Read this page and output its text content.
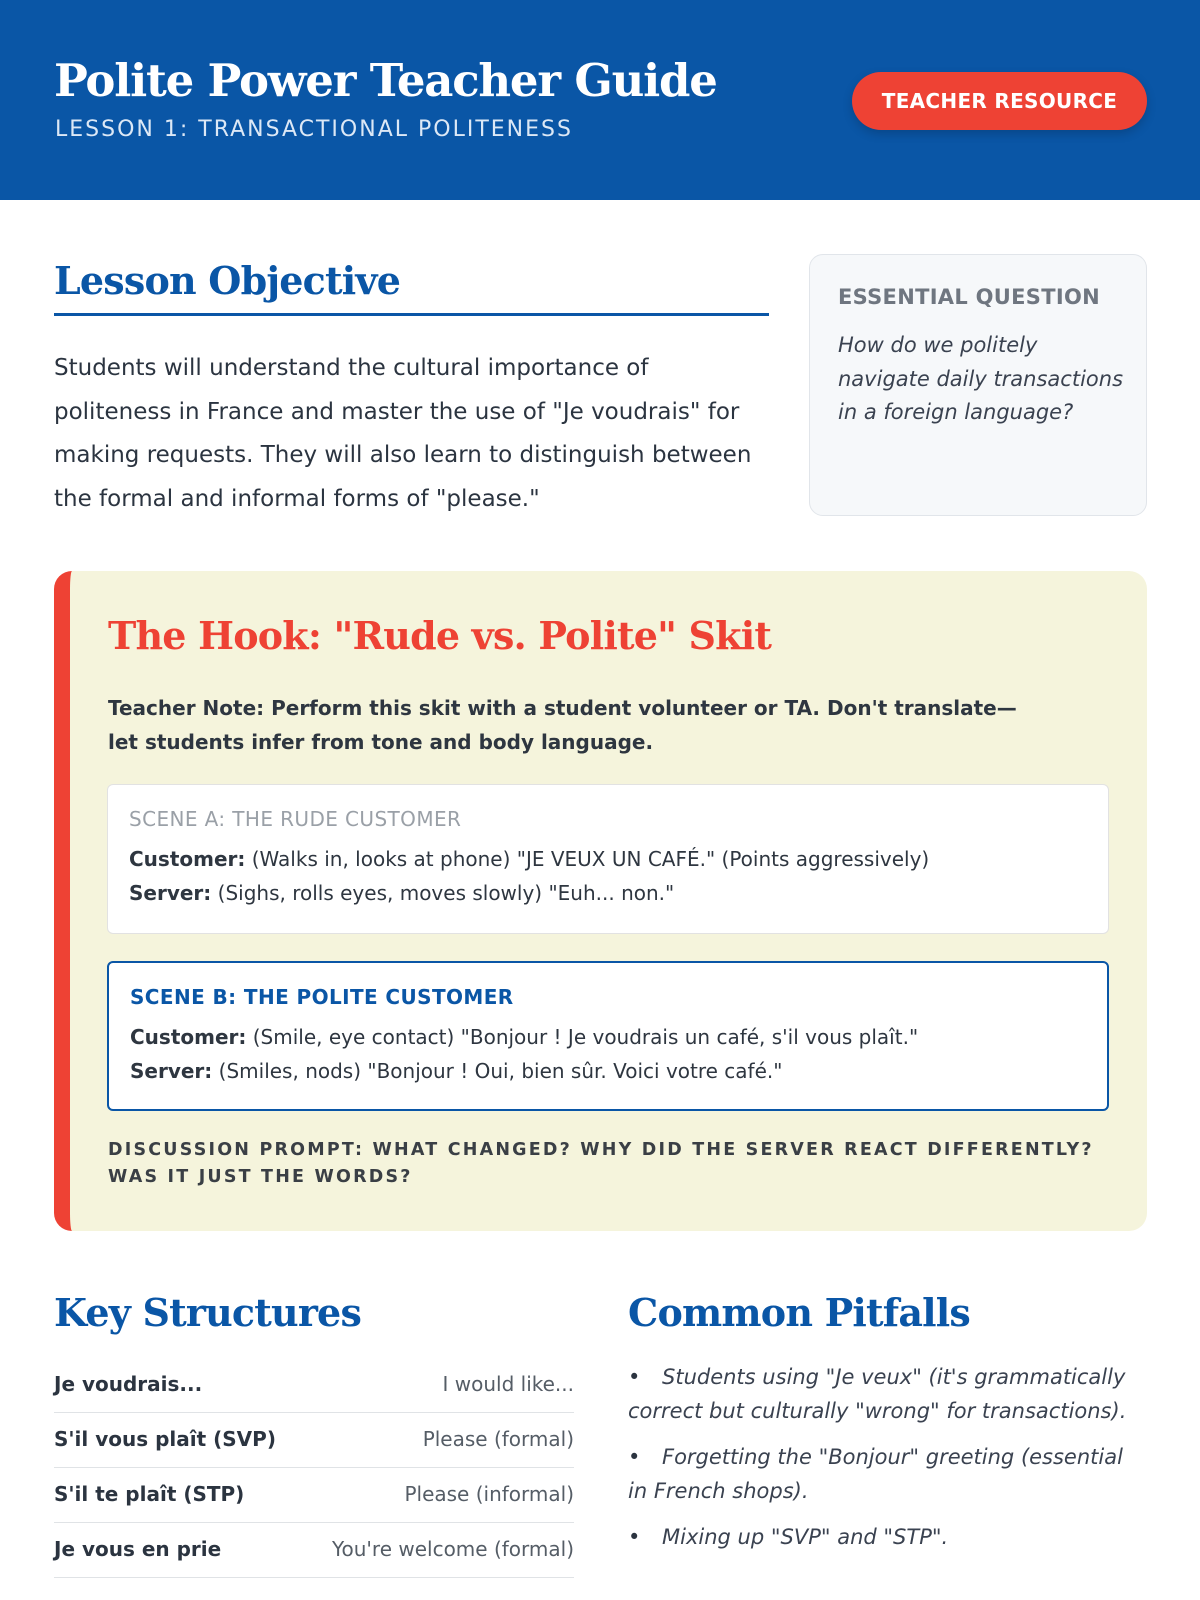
Polite Power Teacher Guide
LESSON 1: TRANSACTIONAL POLITENESS
TEACHER RESOURCE
Lesson Objective

Students will understand the cultural importance of politeness in France and master the use of "Je voudrais" for making requests. They will also learn to distinguish between the formal and informal forms of "please."

ESSENTIAL QUESTION

How do we politely navigate daily transactions in a foreign language?

The Hook: "Rude vs. Polite" Skit

Teacher Note: Perform this skit with a student volunteer or TA. Don't translate—let students infer from tone and body language.

SCENE A: THE RUDE CUSTOMER
Customer: (Walks in, looks at phone) "JE VEUX UN CAFÉ." (Points aggressively)
Server: (Sighs, rolls eyes, moves slowly) "Euh... non."
SCENE B: THE POLITE CUSTOMER
Customer: (Smile, eye contact) "Bonjour ! Je voudrais un café, s'il vous plaît."
Server: (Smiles, nods) "Bonjour ! Oui, bien sûr. Voici votre café."

DISCUSSION PROMPT: WHAT CHANGED? WHY DID THE SERVER REACT DIFFERENTLY? WAS IT JUST THE WORDS?

Key Structures
Je voudrais...	I would like...
S'il vous plaît (SVP)	Please (formal)
S'il te plaît (STP)	Please (informal)
Je vous en prie	You're welcome (formal)
Common Pitfalls
• Students using "Je veux" (it's grammatically correct but culturally "wrong" for transactions).
• Forgetting the "Bonjour" greeting (essential in French shops).
• Mixing up "SVP" and "STP".
